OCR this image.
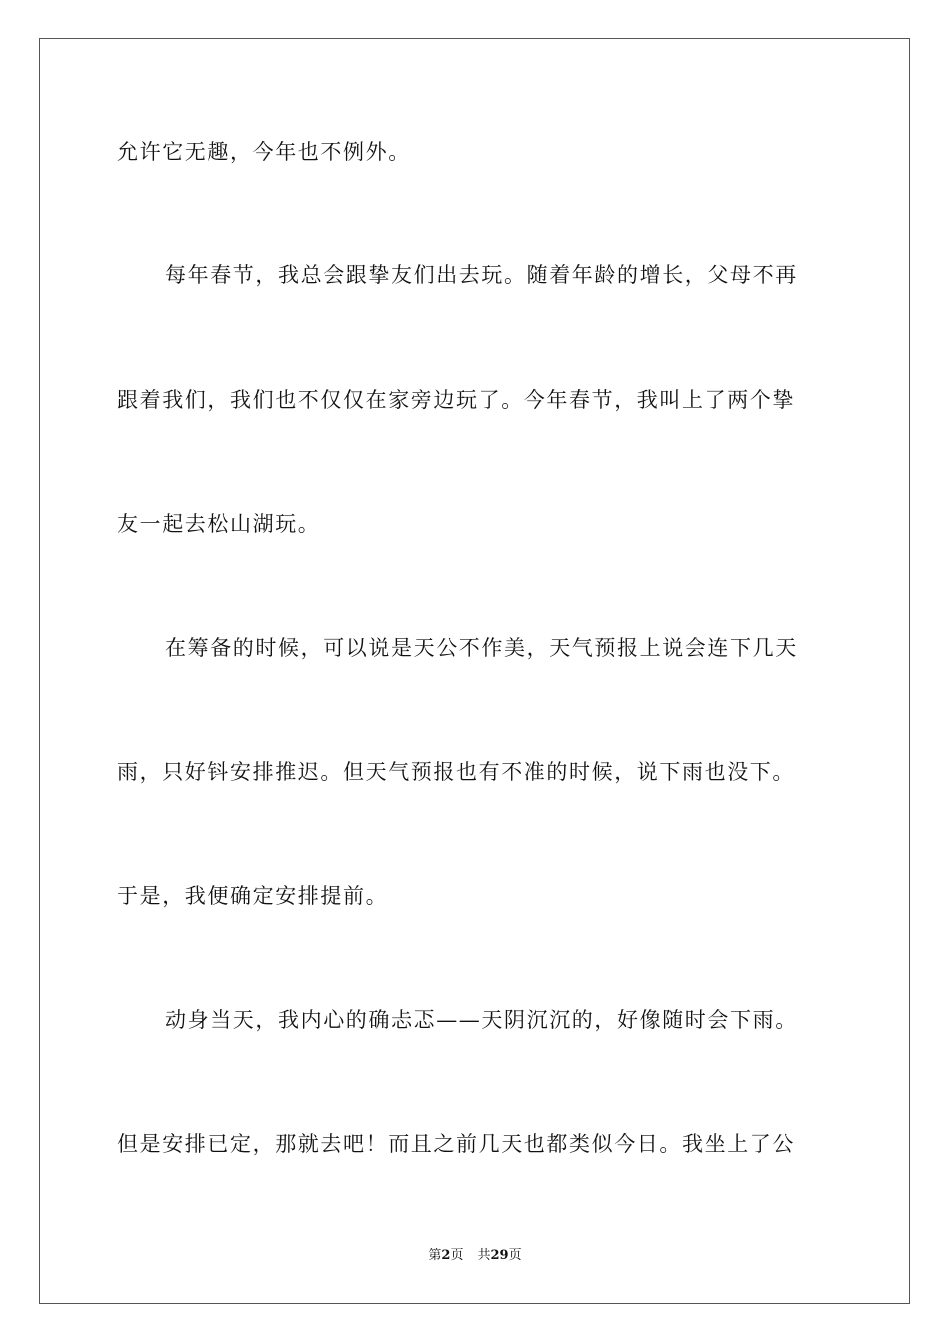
允许它无趣，今年也不例外。
每年春节，我总会跟挚友们出去玩。随着年龄的增长，父母不再
跟着我们，我们也不仅仅在家旁边玩了。今年春节，我叫上了两个挚
友一起去松山湖玩。
在筹备的时候，可以说是天公不作美，天气预报上说会连下几天
雨，只好钭安排推迟。但天气预报也有不准的时候，说下雨也没下。
于是，我便确定安排提前。
动身当天，我内心的确忐忑——天阴沉沉的，好像随时会下雨。
但是安排已定，那就去吧！而且之前几天也都类似今日。我坐上了公
第2页 共29页
